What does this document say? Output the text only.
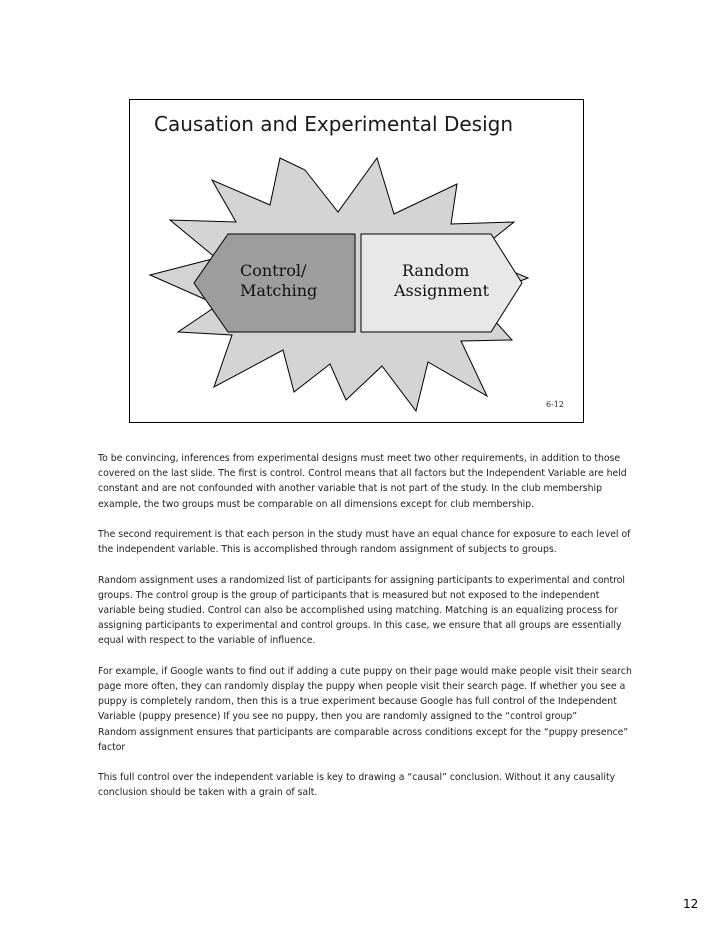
Causation and Experimental Design
Control/
Matching
Random
Assignment
6-12

To be convincing, inferences from experimental designs must meet two other requirements, in addition to those covered on the last slide. The first is control. Control means that all factors but the Independent Variable are held constant and are not confounded with another variable that is not part of the study. In the club membership example, the two groups must be comparable on all dimensions except for club membership.

The second requirement is that each person in the study must have an equal chance for exposure to each level of the independent variable. This is accomplished through random assignment of subjects to groups.

Random assignment uses a randomized list of participants for assigning participants to experimental and control groups. The control group is the group of participants that is measured but not exposed to the independent variable being studied. Control can also be accomplished using matching. Matching is an equalizing process for assigning participants to experimental and control groups. In this case, we ensure that all groups are essentially equal with respect to the variable of influence.

For example, if Google wants to find out if adding a cute puppy on their page would make people visit their search page more often, they can randomly display the puppy when people visit their search page. If whether you see a puppy is completely random, then this is a true experiment because Google has full control of the Independent Variable (puppy presence) If you see no puppy, then you are randomly assigned to the “control group”

Random assignment ensures that participants are comparable across conditions except for the “puppy presence” factor

This full control over the independent variable is key to drawing a “causal” conclusion. Without it any causality conclusion should be taken with a grain of salt.

12
